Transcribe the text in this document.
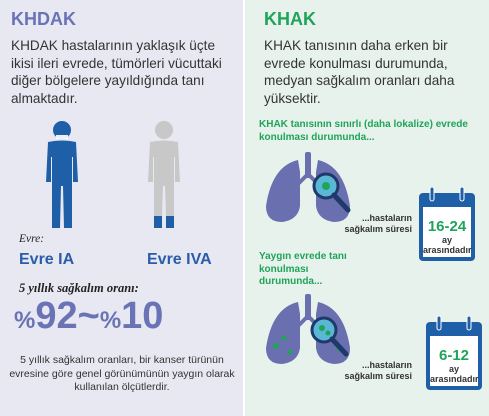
KHDAK
KHDAK hastalarının yaklaşık üçte ikisi ileri evrede, tümörleri vücuttaki diğer bölgelere yayıldığında tanı almaktadır.
Evre:
Evre IA	Evre IVA
5 yıllık sağkalım oranı:
%92~%10
5 yıllık sağkalım oranları, bir kanser türünün evresine göre genel görünümünün yaygın olarak kullanılan ölçütlerdir.
KHAK
KHAK tanısının daha erken bir evrede konulması durumunda, medyan sağkalım oranları daha yüksektir.
KHAK tanısının sınırlı (daha lokalize) evrede konulması durumunda...
...hastaların sağkalım süresi	16-24
ay arasındadır
Yaygın evrede tanı konulması durumunda...
...hastaların sağkalım süresi
6-12
ay arasındadır
